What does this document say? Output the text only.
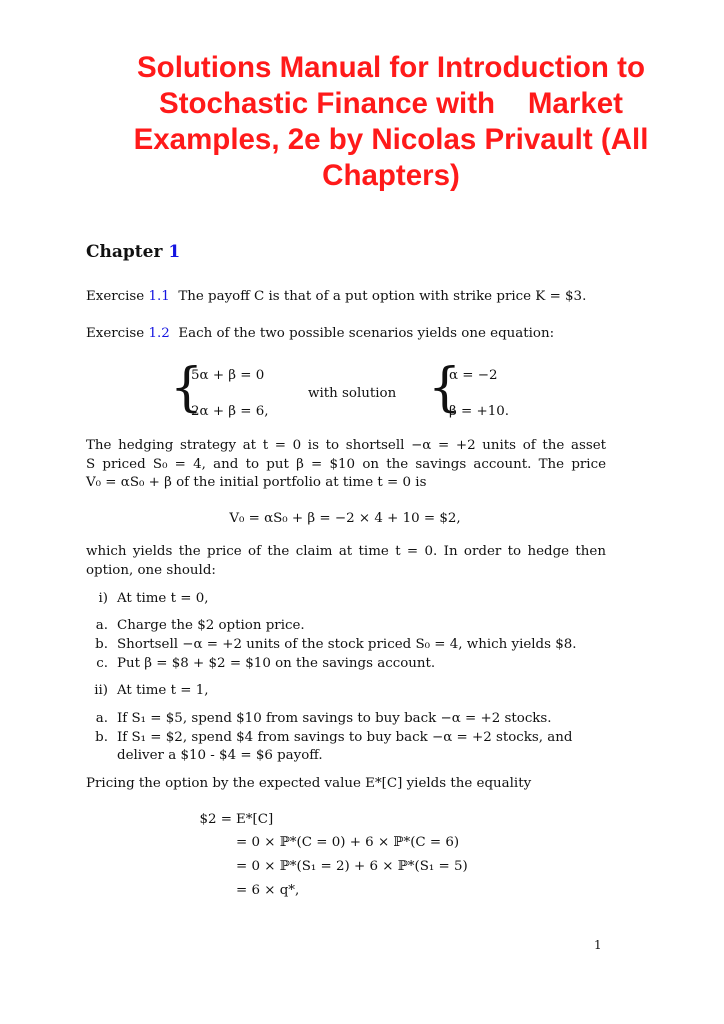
Solutions Manual for Introduction to
Stochastic Finance with    Market
Examples, 2e by Nicolas Privault (All
Chapters)
Chapter 1
Exercise 1.1 The payoff C is that of a put option with strike price K = $3.
Exercise 1.2 Each of the two possible scenarios yields one equation:
{
5α + β = 0
2α + β = 6,
with solution {
α = −2
β = +10.
The hedging strategy at t = 0 is to shortsell −α = +2 units of the asset
S priced S₀ = 4, and to put β = $10 on the savings account. The price
V₀ = αS₀ + β of the initial portfolio at time t = 0 is
V₀ = αS₀ + β = −2 × 4 + 10 = $2,
which yields the price of the claim at time t = 0. In order to hedge then
option, one should:
i) At time t = 0,
a. Charge the $2 option price.
b. Shortsell −α = +2 units of the stock priced S₀ = 4, which yields $8.
c. Put β = $8 + $2 = $10 on the savings account.
ii) At time t = 1,
a. If S₁ = $5, spend $10 from savings to buy back −α = +2 stocks.
b. If S₁ = $2, spend $4 from savings to buy back −α = +2 stocks, and
deliver a $10 - $4 = $6 payoff.
Pricing the option by the expected value E*[C] yields the equality
$2 = E*[C]
= 0 × ℙ*(C = 0) + 6 × ℙ*(C = 6)
= 0 × ℙ*(S₁ = 2) + 6 × ℙ*(S₁ = 5)
= 6 × q*,
1
